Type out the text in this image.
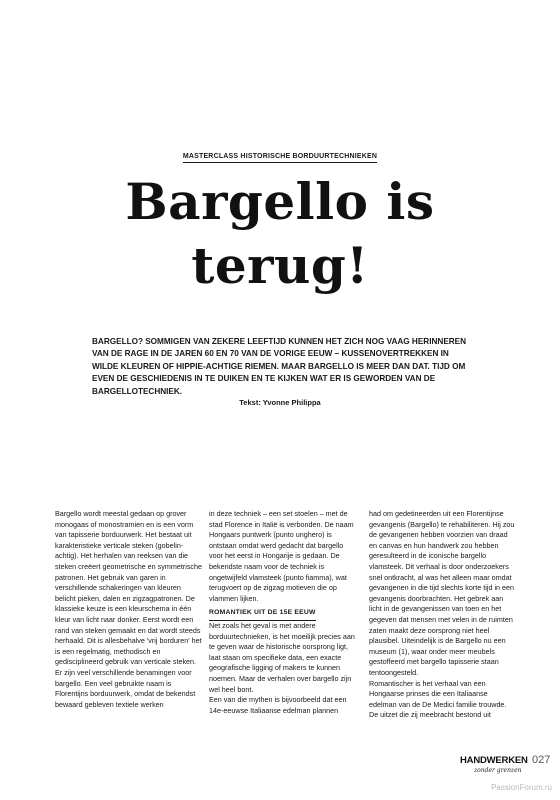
MASTERCLASS HISTORISCHE BORDUURTECHNIEKEN
Bargello is
terug!

BARGELLO? SOMMIGEN VAN ZEKERE LEEFTIJD KUNNEN HET ZICH NOG VAAG HERINNEREN VAN DE RAGE IN DE JAREN 60 EN 70 VAN DE VORIGE EEUW – KUSSENOVERTREKKEN IN WILDE KLEUREN OF HIPPIE-ACHTIGE RIEMEN. MAAR BARGELLO IS MEER DAN DAT. TIJD OM EVEN DE GESCHIEDENIS IN TE DUIKEN EN TE KIJKEN WAT ER IS GEWORDEN VAN DE BARGELLOTECHNIEK.

Tekst: Yvonne Philippa

Bargello wordt meestal gedaan op grover monogaas of monostramien en is een vorm van tapisserie borduurwerk. Het bestaat uit karakteristieke verticale steken (gobelin-achtig). Het herhalen van reeksen van die steken creëert geometrische en symmetrische patronen. Het gebruik van garen in verschillende schakeringen van kleuren belicht pieken, dalen en zigzagpatronen. De klassieke keuze is een kleurschema in één kleur van licht naar donker. Eerst wordt een rand van steken gemaakt en dat wordt steeds herhaald. Dit is allesbehalve 'vrij borduren' het is een regelmatig, methodisch en gedisciplineerd gebruik van verticale steken.

Er zijn veel verschillende benamingen voor bargello. Een veel gebruikte naam is Florentijns borduurwerk, omdat de bekendst bewaard gebleven textiele werken

in deze techniek – een set stoelen – met de stad Florence in Italië is verbonden. De naam Hongaars puntwerk (punto unghero) is ontstaan omdat werd gedacht dat bargello voor het eerst in Hongarije is gedaan. De bekendste naam voor de techniek is ongetwijfeld vlamsteek (punto fiamma), wat terugvoert op de zigzag motieven die op vlammen lijken.

ROMANTIEK UIT DE 15E EEUW

Net zoals het geval is met andere borduurtechnieken, is het moeilijk precies aan te geven waar de historische oorsprong ligt, laat staan om specifieke data, een exacte geografische ligging of makers te kunnen noemen. Maar de verhalen over bargello zijn wel heel bont.

Een van die mythen is bijvoorbeeld dat een 14e-eeuwse Italiaanse edelman plannen

had om gedetineerden uit een Florentijnse gevangenis (Bargello) te rehabiliteren. Hij zou de gevangenen hebben voorzien van draad en canvas en hun handwerk zou hebben geresulteerd in de iconische bargello vlamsteek. Dit verhaal is door onderzoekers snel ontkracht, al was het alleen maar omdat gevangenen in die tijd slechts korte tijd in een gevangenis doorbrachten. Het gebrek aan licht in de gevangenissen van toen en het gegeven dat mensen met velen in de ruimten zaten maakt deze oorsprong niet heel plausibel. Uiteindelijk is de Bargello nu een museum (1), waar onder meer meubels gestoffeerd met bargello tapisserie staan tentoongesteld.

Romantischer is het verhaal van een Hongaarse prinses die een Italiaanse edelman van de De Medici familie trouwde. De uitzet die zij meebracht bestond uit

HANDWERKEN
zonder grenzen
027
PassionForum.ru
